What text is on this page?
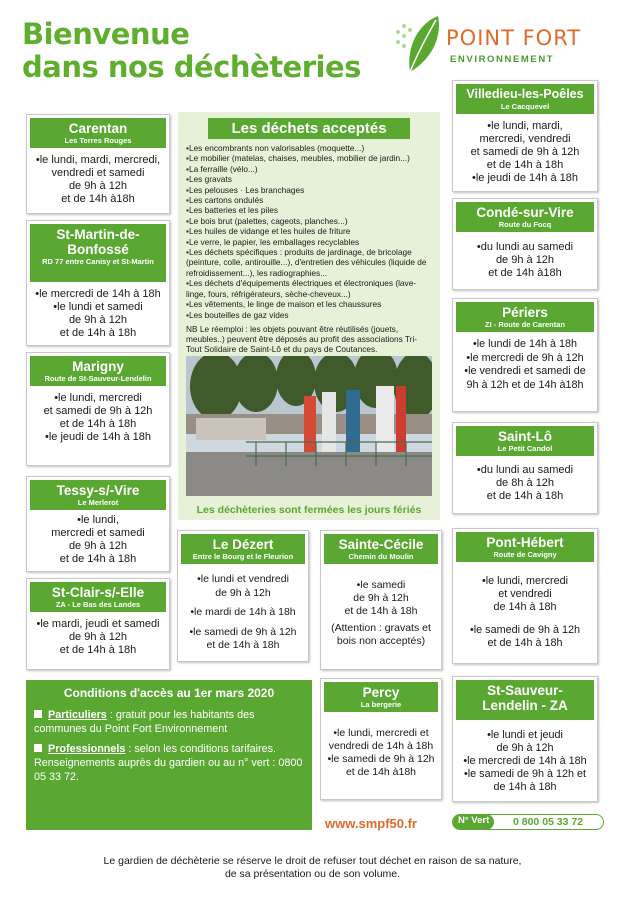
Bienvenue
dans nos déchèteries
POINT FORT
ENVIRONNEMENT
Carentan
Les Terres Rouges
• le lundi, mardi, mercredi,
vendredi et samedi
de 9h à 12h
et de 14h à18h
St-Martin-de-Bonfossé
RD 77 entre Canisy et St-Martin
• le mercredi de 14h à 18h
• le lundi et samedi
de 9h à 12h
et de 14h à 18h
Marigny
Route de St-Sauveur-Lendelin
• le lundi, mercredi
et samedi de 9h à 12h
et de 14h à 18h
• le jeudi de 14h à 18h
Tessy-s/-Vire
Le Merlerot
• le lundi,
mercredi et samedi
de 9h à 12h
et de 14h à 18h
St-Clair-s/-Elle
ZA - Le Bas des Landes
• le mardi, jeudi et samedi
de 9h à 12h
et de 14h à 18h
Les déchets acceptés
▪ Les encombrants non valorisables (moquette...)
▪ Le mobilier (matelas, chaises, meubles, mobilier de jardin...)
▪ La ferraille (vélo...)
▪ Les gravats
▪ Les pelouses · Les branchages
▪ Les cartons ondulés
▪ Les batteries et les piles
▪ Le bois brut (palettes, cageots, planches...)
▪ Les huiles de vidange et les huiles de friture
▪ Le verre, le papier, les emballages recyclables
▪ Les déchets spécifiques : produits de jardinage, de bricolage (peinture, colle, antirouille...), d'entretien des véhicules (liquide de refroidissement...), les radiographies...
▪ Les déchets d'équipements électriques et électroniques (lave-linge, fours, réfrigérateurs, sèche-cheveux...)
▪ Les vêtements, le linge de maison et les chaussures
▪ Les bouteilles de gaz vides

NB Le réemploi : les objets pouvant être réutilisés (jouets, meubles..) peuvent être déposés au profit des associations Tri-Tout Solidaire de Saint-Lô et du pays de Coutances.

Les déchèteries sont fermées les jours fériés
Le Dézert
Entre le Bourg et le Fleurion
• le lundi et vendredi
de 9h à 12h
• le mardi de 14h à 18h
• le samedi de 9h à 12h
et de 14h à 18h
Sainte-Cécile
Chemin du Moulin
• le samedi
de 9h à 12h
et de 14h à 18h
(Attention : gravats et
bois non acceptés)
Percy
La bergerie
• le lundi, mercredi et
vendredi de 14h à 18h
• le samedi de 9h à 12h
et de 14h à18h
Villedieu-les-Poêles
Le Cacquevel
• le lundi, mardi,
mercredi, vendredi
et samedi de 9h à 12h
et de 14h à 18h
• le jeudi de 14h à 18h
Condé-sur-Vire
Route du Focq
• du lundi au samedi
de 9h à 12h
et de 14h à18h
Périers
ZI - Route de Carentan
• le lundi de 14h à 18h
• le mercredi de 9h à 12h
• le vendredi et samedi de
9h à 12h et de 14h à18h
Saint-Lô
Le Petit Candol
• du lundi au samedi
de 8h à 12h
et de 14h à 18h
Pont-Hébert
Route de Cavigny
• le lundi, mercredi
et vendredi
de 14h à 18h
• le samedi de 9h à 12h
et de 14h à 18h
St-Sauveur-Lendelin - ZA
• le lundi et jeudi
de 9h à 12h
• le mercredi de 14h à 18h
• le samedi de 9h à 12h et
de 14h à 18h
Conditions d'accès au 1er mars 2020

Particuliers : gratuit pour les habitants des communes du Point Fort Environnement

Professionnels : selon les conditions tarifaires. Renseignements auprès du gardien ou au n° vert : 0800 05 33 72.

www.smpf50.fr	N° Vert	0 800 05 33 72
Le gardien de déchèterie se réserve le droit de refuser tout déchet en raison de sa nature,
de sa présentation ou de son volume.
